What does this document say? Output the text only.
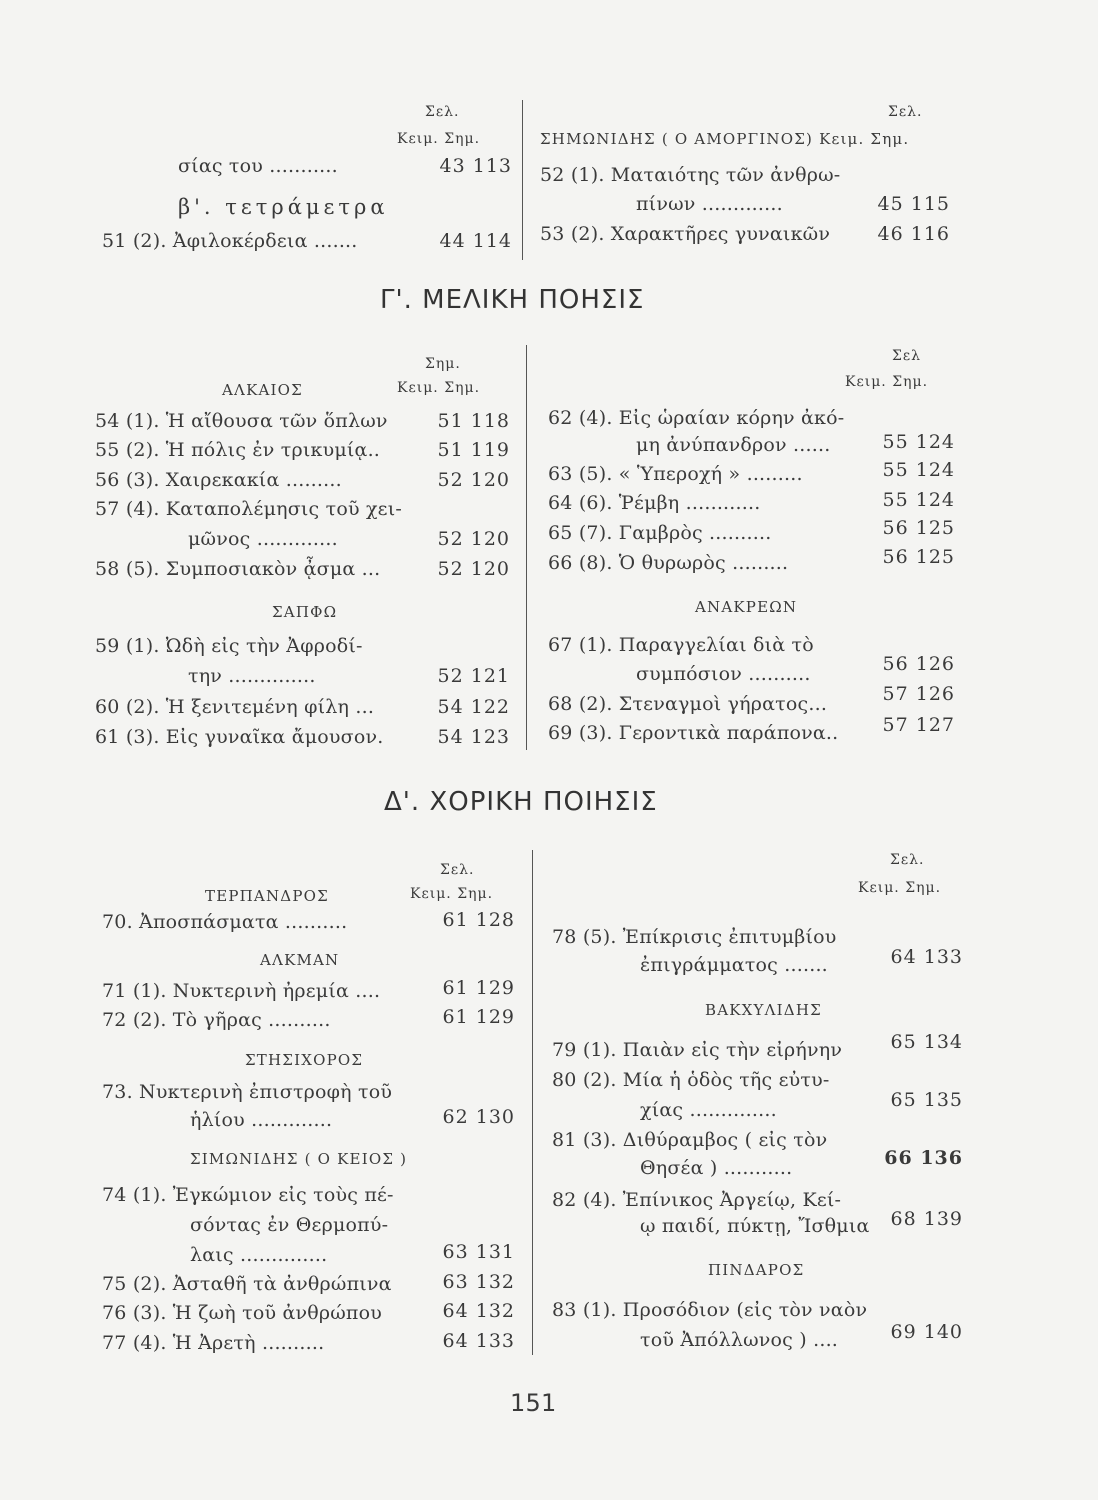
Σελ.
Κειμ. Σημ.
σίας του ...........	43 113
β'. τετράμετρα
51 (2). Ἀφιλοκέρδεια .......	44 114
Σελ.
ΣΗΜΩΝΙΔΗΣ ( Ο ΑΜΟΡΓΙΝΟΣ) Κειμ. Σημ.
52 (1). Ματαιότης τῶν ἀνθρω-
πίνων .............	45 115
53 (2). Χαρακτῆρες γυναικῶν	46 116
Γ'. ΜΕΛΙΚΗ ΠΟΗΣΙΣ
Σημ.
ΑΛΚΑΙΟΣ	Κειμ. Σημ.
54 (1). Ἡ αἴθουσα τῶν ὅπλων	51 118
55 (2). Ἡ πόλις ἐν τρικυμίᾳ..	51 119
56 (3). Χαιρεκακία .........	52 120
57 (4). Καταπολέμησις τοῦ χει-
μῶνος .............	52 120
58 (5). Συμποσιακὸν ᾆσμα ...	52 120
ΣΑΠΦΩ
59 (1). Ὠδὴ εἰς τὴν Ἀφροδί-
την ..............	52 121
60 (2). Ἡ ξενιτεμένη φίλη ...	54 122
61 (3). Εἰς γυναῖκα ἄμουσον.	54 123
Σελ
Κειμ. Σημ.
62 (4). Εἰς ὡραίαν κόρην ἀκό-
μη ἀνύπανδρον ......	55 124
63 (5). « Ὑπεροχή » .........	55 124
64 (6). Ῥέμβη ............	55 124
65 (7). Γαμβρὸς ..........	56 125
66 (8). Ὁ θυρωρὸς .........	56 125
ΑΝΑΚΡΕΩΝ
67 (1). Παραγγελίαι διὰ τὸ
συμπόσιον ..........	56 126
68 (2). Στεναγμοὶ γήρατος...	57 126
69 (3). Γεροντικὰ παράπονα..	57 127
Δ'. ΧΟΡΙΚΗ ΠΟΙΗΣΙΣ
Σελ.
ΤΕΡΠΑΝΔΡΟΣ	Κειμ. Σημ.
70. Ἀποσπάσματα ..........	61 128
ΑΛΚΜΑΝ
71 (1). Νυκτερινὴ ἠρεμία ....	61 129
72 (2). Τὸ γῆρας ..........	61 129
ΣΤΗΣΙΧΟΡΟΣ
73. Νυκτερινὴ ἐπιστροφὴ τοῦ
ἡλίου .............	62 130
ΣΙΜΩΝΙΔΗΣ ( Ο ΚΕΙΟΣ )
74 (1). Ἐγκώμιον εἰς τοὺς πέ-
σόντας ἐν Θερμοπύ-
λαις ..............	63 131
75 (2). Ἀσταθῆ τὰ ἀνθρώπινα	63 132
76 (3). Ἡ ζωὴ τοῦ ἀνθρώπου	64 132
77 (4). Ἡ Ἀρετὴ ..........	64 133
Σελ.
Κειμ. Σημ.
78 (5). Ἐπίκρισις ἐπιτυμβίου
ἐπιγράμματος .......	64 133
ΒΑΚΧΥΛΙΔΗΣ
79 (1). Παιὰν εἰς τὴν εἰρήνην	65 134
80 (2). Μία ἡ ὁδὸς τῆς εὐτυ-
χίας ..............	65 135
81 (3). Διθύραμβος ( εἰς τὸν
Θησέα ) ...........	66 136
82 (4). Ἐπίνικος Ἀργείῳ, Κεί-
ῳ παιδί, πύκτῃ, Ἴσθμια	68 139
ΠΙΝΔΑΡΟΣ
83 (1). Προσόδιον (εἰς τὸν ναὸν
τοῦ Ἀπόλλωνος ) ....	69 140
151
